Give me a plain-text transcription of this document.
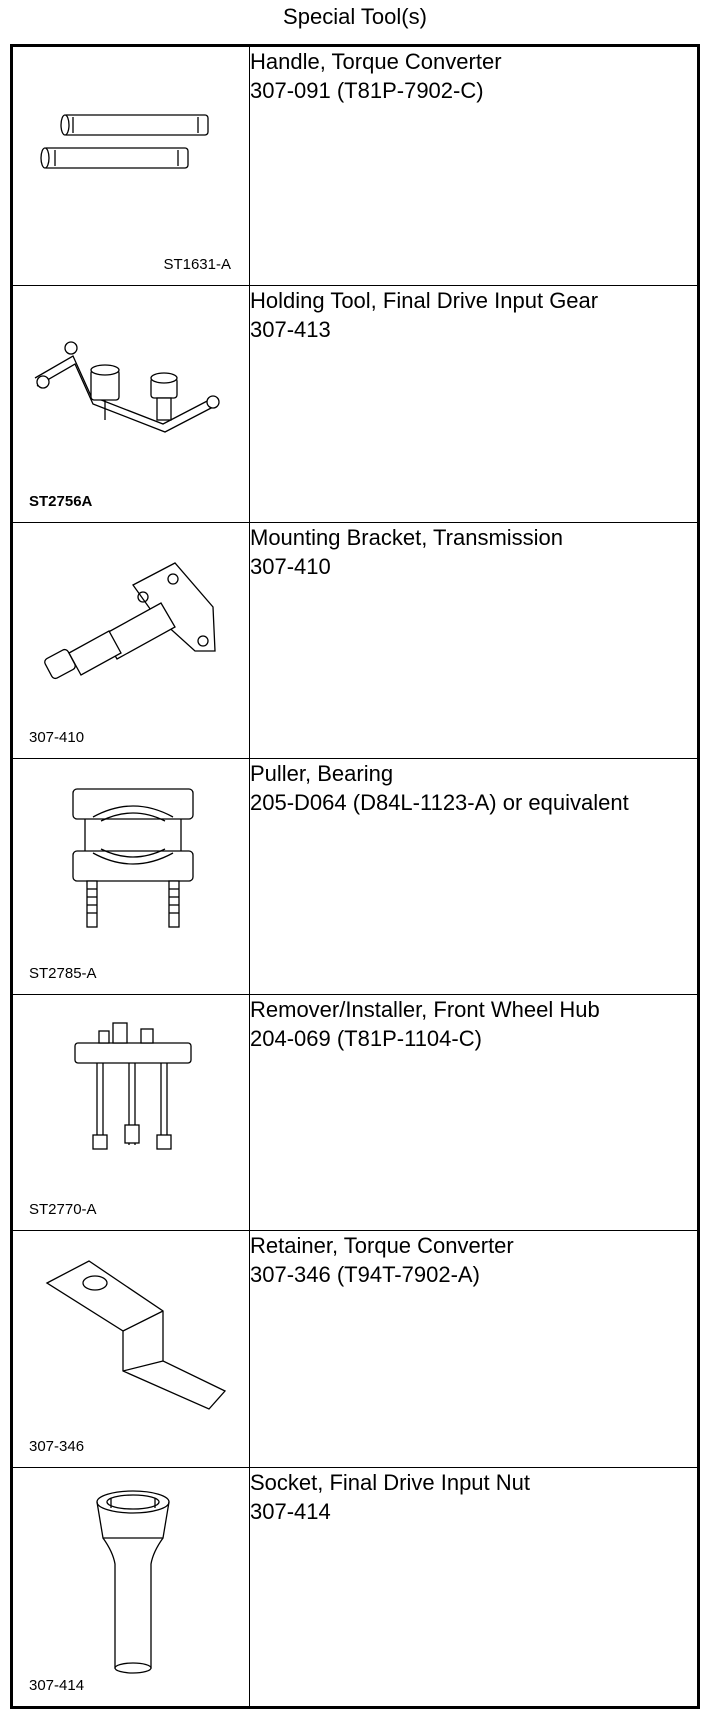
Special Tool(s)
ST1631-A	Handle, Torque Converter
307-091 (T81P-7902-C)

ST2756A	Holding Tool, Final Drive Input Gear
307-413

307-410	Mounting Bracket, Transmission
307-410

ST2785-A	Puller, Bearing
205-D064 (D84L-1123-A) or equivalent

ST2770-A	Remover/Installer, Front Wheel Hub
204-069 (T81P-1104-C)

307-346	Retainer, Torque Converter
307-346 (T94T-7902-A)

307-414	Socket, Final Drive Input Nut
307-414
